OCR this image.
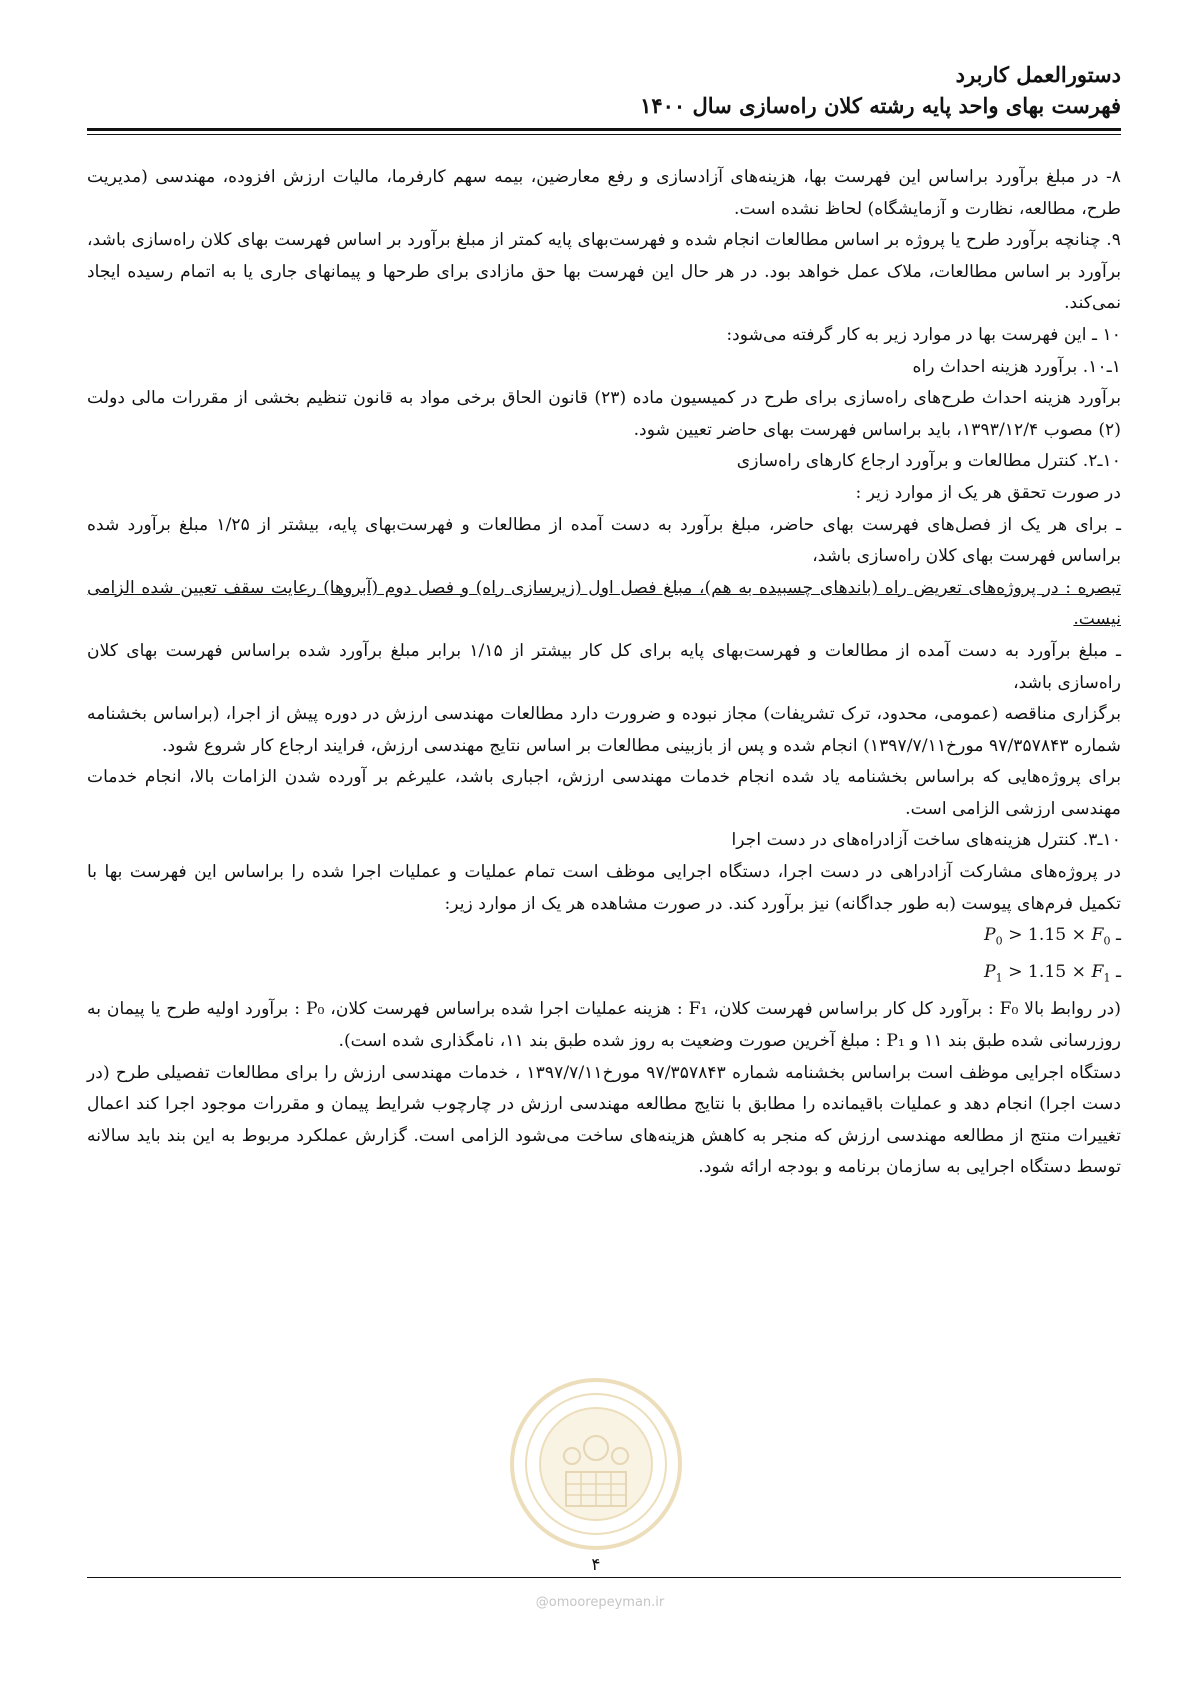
دستورالعمل کاربرد
فهرست بهای واحد پایه رشته کلان راه‌سازی سال ۱۴۰۰

۸- در مبلغ برآورد براساس این فهرست بها، هزینه‌های آزادسازی و رفع معارضین، بیمه سهم کارفرما، مالیات ارزش افزوده، مهندسی (مدیریت طرح، مطالعه، نظارت و آزمایشگاه) لحاظ نشده است.

۹. چنانچه برآورد طرح یا پروژه بر اساس مطالعات انجام شده و فهرست‌بهای پایه کمتر از مبلغ برآورد بر اساس فهرست بهای کلان راه‌سازی باشد، برآورد بر اساس مطالعات، ملاک عمل خواهد بود. در هر حال این فهرست بها حق مازادی برای طرحها و پیمانهای جاری یا به اتمام رسیده ایجاد نمی‌کند.

۱۰ ـ این فهرست بها در موارد زیر به کار گرفته می‌شود:

۱ـ۱۰. برآورد هزینه احداث راه

برآورد هزینه احداث طرح‌های راه‌سازی برای طرح در کمیسیون ماده (۲۳) قانون الحاق برخی مواد به قانون تنظیم بخشی از مقررات مالی دولت (۲) مصوب ۱۳۹۳/۱۲/۴، باید براساس فهرست بهای حاضر تعیین شود.

۱۰ـ۲. کنترل مطالعات و برآورد ارجاع کارهای راه‌سازی

در صورت تحقق هر یک از موارد زیر :

ـ برای هر یک از فصل‌های فهرست بهای حاضر، مبلغ برآورد به دست آمده از مطالعات و فهرست‌بهای پایه، بیشتر از ۱/۲۵ مبلغ برآورد شده براساس فهرست بهای کلان راه‌سازی باشد،

تبصره : در پروژه‌های تعریض راه (باندهای چسبیده به هم)، مبلغ فصل اول (زیرسازی راه) و فصل دوم (آبروها) رعایت سقف تعیین شده الزامی نیست.

ـ مبلغ برآورد به دست آمده از مطالعات و فهرست‌بهای پایه برای کل کار بیشتر از ۱/۱۵ برابر مبلغ برآورد شده براساس فهرست بهای کلان راه‌سازی باشد،

برگزاری مناقصه (عمومی، محدود، ترک تشریفات) مجاز نبوده و ضرورت دارد مطالعات مهندسی ارزش در دوره پیش از اجرا، (براساس بخشنامه شماره ۹۷/۳۵۷۸۴۳ مورخ۱۳۹۷/۷/۱۱) انجام شده و پس از بازبینی مطالعات بر اساس نتایج مهندسی ارزش، فرایند ارجاع کار شروع شود.

برای پروژه‌هایی که براساس بخشنامه یاد شده انجام خدمات مهندسی ارزش، اجباری باشد، علیرغم بر آورده شدن الزامات بالا، انجام خدمات مهندسی ارزشی الزامی است.

۱۰ـ۳. کنترل هزینه‌های ساخت آزادراه‌های در دست اجرا

در پروژه‌های مشارکت آزادراهی در دست اجرا، دستگاه اجرایی موظف است تمام عملیات و عملیات اجرا شده را براساس این فهرست بها با تکمیل فرم‌های پیوست (به طور جداگانه) نیز برآورد کند. در صورت مشاهده هر یک از موارد زیر:

$P_0 > 1.15 \times F_0$ ـ

$P_1 > 1.15 \times F_1$ ـ

(در روابط بالا F₀ : برآورد کل کار براساس فهرست کلان، F₁ : هزینه عملیات اجرا شده براساس فهرست کلان، P₀ : برآورد اولیه طرح یا پیمان به روزرسانی شده طبق بند ۱۱ و P₁ : مبلغ آخرین صورت وضعیت به روز شده طبق بند ۱۱، نامگذاری شده است).

دستگاه اجرایی موظف است براساس بخشنامه شماره ۹۷/۳۵۷۸۴۳ مورخ۱۳۹۷/۷/۱۱ ، خدمات مهندسی ارزش را برای مطالعات تفصیلی طرح (در دست اجرا) انجام دهد و عملیات باقیمانده را مطابق با نتایج مطالعه مهندسی ارزش در چارچوب شرایط پیمان و مقررات موجود اجرا کند اعمال تغییرات منتج از مطالعه مهندسی ارزش که منجر به کاهش هزینه‌های ساخت می‌شود الزامی است. گزارش عملکرد مربوط به این بند باید سالانه توسط دستگاه اجرایی به سازمان برنامه و بودجه ارائه شود.

۴
@omoorepeyman.ir
